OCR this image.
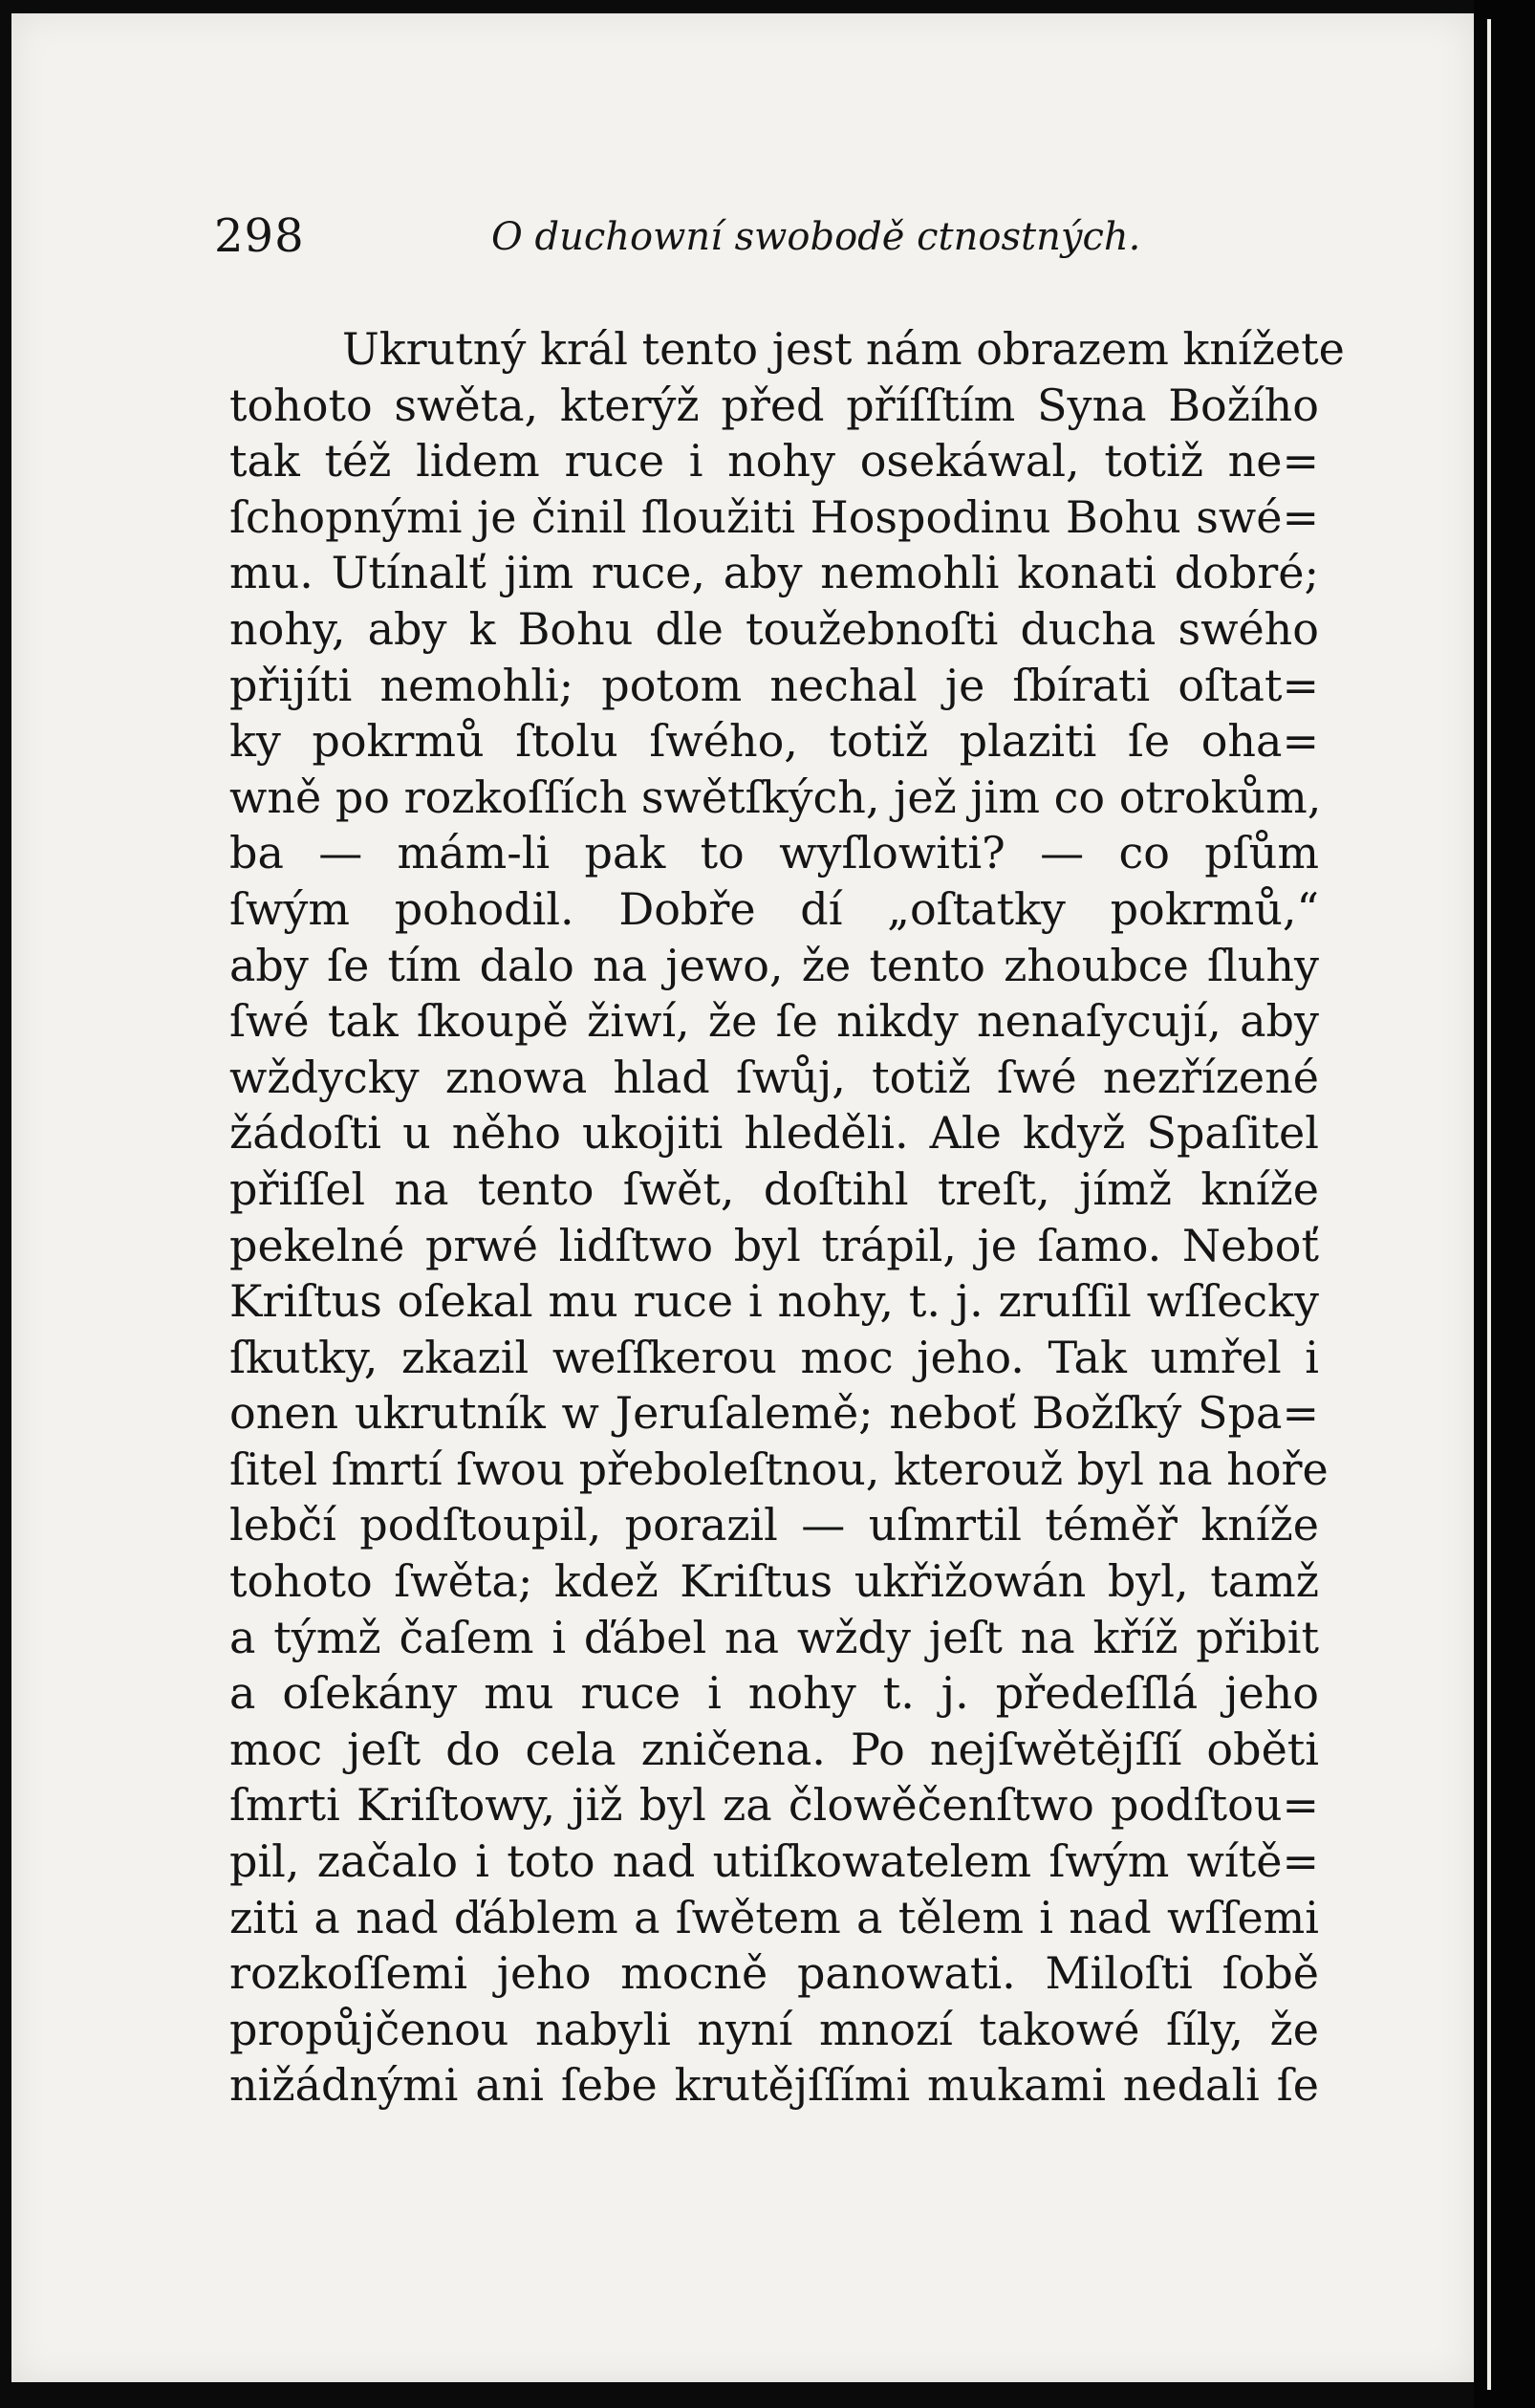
298	O duchowní swobodě ctnostných.
Ukrutný král tento jest nám obrazem knížete
tohoto swěta, kterýž před příſſtím Syna Božího
tak též lidem ruce i nohy osekáwal, totiž ne=
ſchopnými je činil ſloužiti Hospodinu Bohu swé=
mu. Utínalť jim ruce, aby nemohli konati dobré;
nohy, aby k Bohu dle toužebnoſti ducha swého
přijíti nemohli; potom nechal je ſbírati oſtat=
ky pokrmů ſtolu ſwého, totiž plaziti ſe oha=
wně po rozkoſſích swětſkých, jež jim co otrokům,
ba — mám-li pak to wyſlowiti? — co pſům
ſwým pohodil. Dobře dí „oſtatky pokrmů,“
aby ſe tím dalo na jewo, že tento zhoubce ſluhy
ſwé tak ſkoupě žiwí, že ſe nikdy nenaſycují, aby
wždycky znowa hlad ſwůj, totiž ſwé nezřízené
žádoſti u něho ukojiti hleděli. Ale když Spaſitel
přiſſel na tento ſwět, doſtihl treſt, jímž kníže
pekelné prwé lidſtwo byl trápil, je ſamo. Neboť
Kriſtus oſekal mu ruce i nohy, t. j. zruſſil wſſecky
ſkutky, zkazil weſſkerou moc jeho. Tak umřel i
onen ukrutník w Jeruſalemě; neboť Božſký Spa=
ſitel ſmrtí ſwou přeboleſtnou, kterouž byl na hoře
lebčí podſtoupil, porazil — uſmrtil téměř kníže
tohoto ſwěta; kdež Kriſtus ukřižowán byl, tamž
a týmž čaſem i ďábel na wždy jeſt na kříž přibit
a oſekány mu ruce i nohy t. j. předeſſlá jeho
moc jeſt do cela zničena. Po nejſwětějſſí oběti
ſmrti Kriſtowy, již byl za člowěčenſtwo podſtou=
pil, začalo i toto nad utiſkowatelem ſwým wítě=
ziti a nad ďáblem a ſwětem a tělem i nad wſſemi
rozkoſſemi jeho mocně panowati. Miloſti ſobě
propůjčenou nabyli nyní mnozí takowé ſíly, že
nižádnými ani ſebe krutějſſími mukami nedali ſe
